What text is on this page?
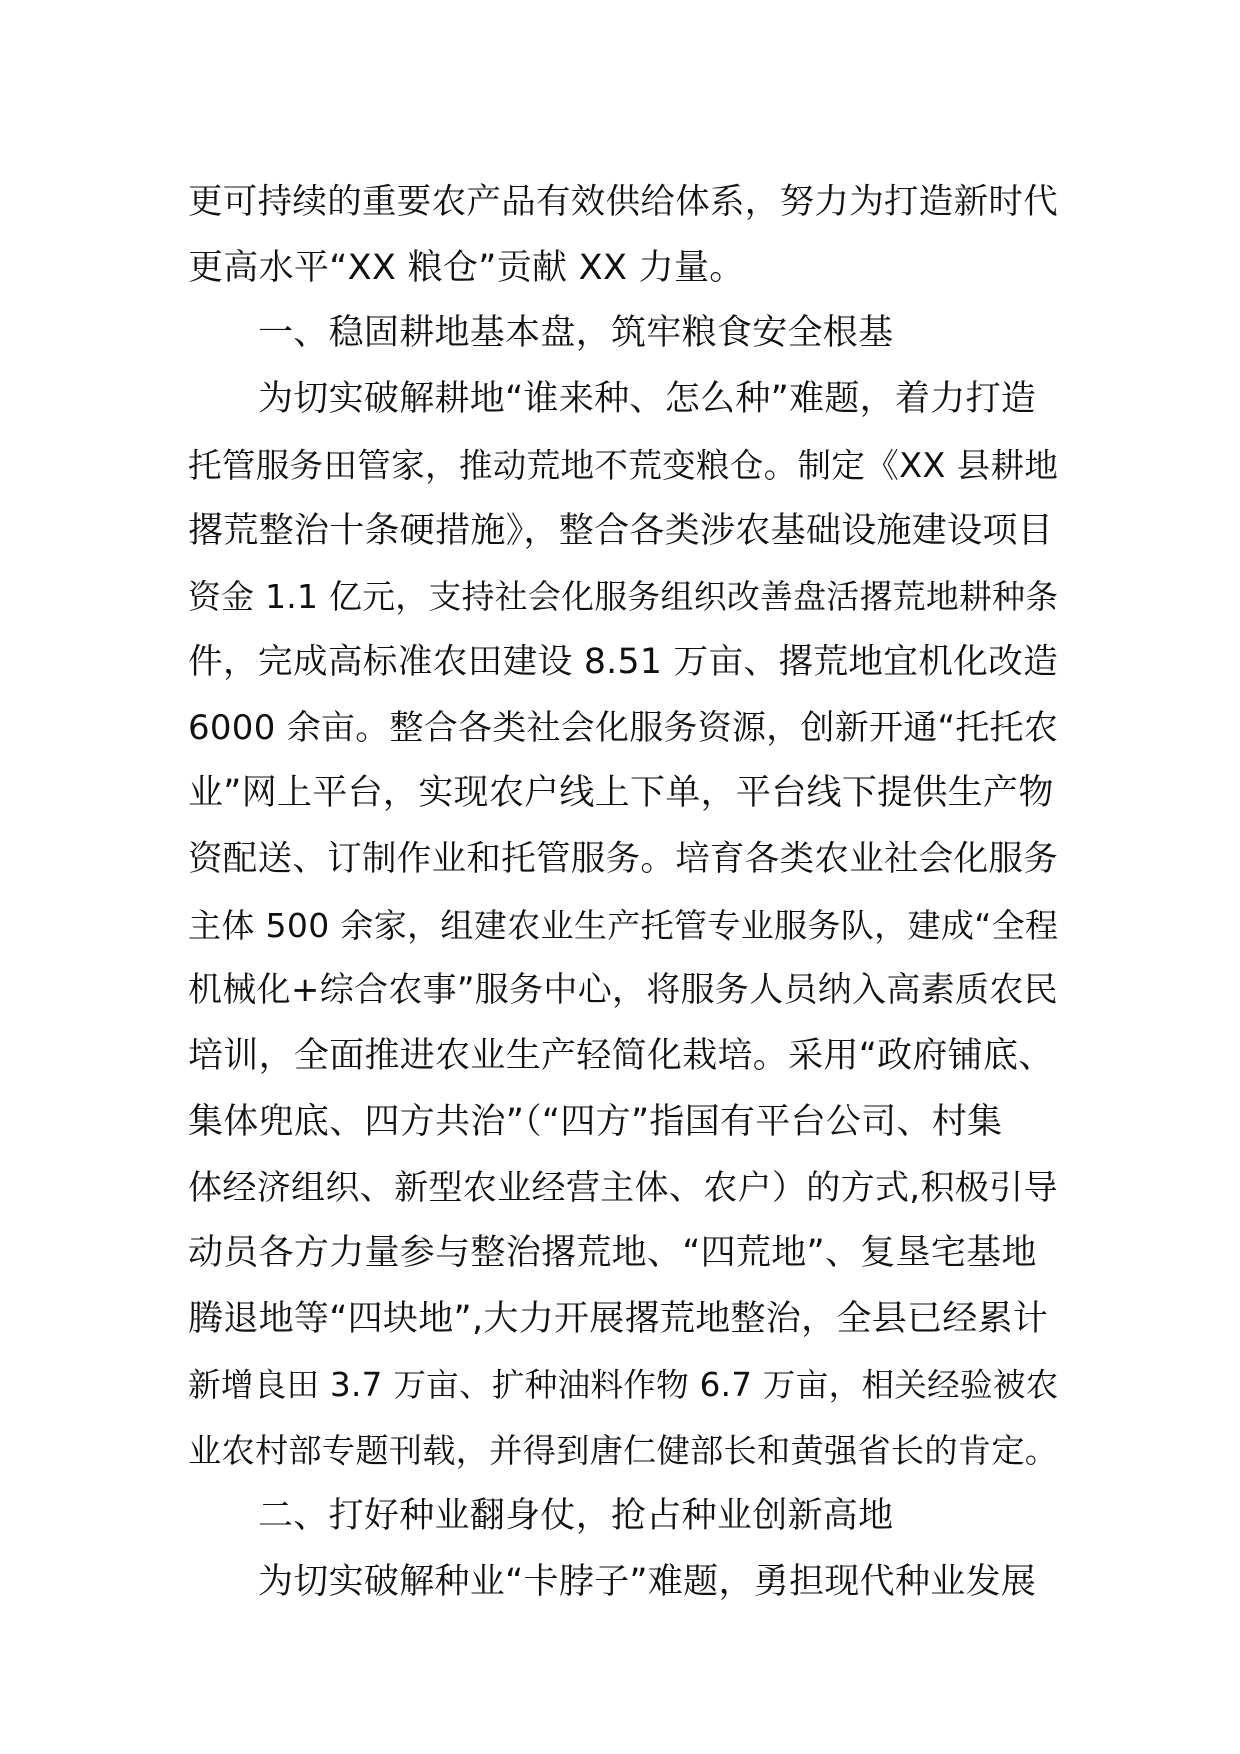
更可持续的重要农产品有效供给体系，努力为打造新时代
更高水平“XX 粮仓”贡献 XX 力量。

一、稳固耕地基本盘，筑牢粮食安全根基

为切实破解耕地“谁来种、怎么种”难题，着力打造
托管服务田管家，推动荒地不荒变粮仓。制定《XX 县耕地
撂荒整治十条硬措施》，整合各类涉农基础设施建设项目
资金 1.1 亿元，支持社会化服务组织改善盘活撂荒地耕种条
件，完成高标准农田建设 8.51 万亩、撂荒地宜机化改造
6000 余亩。整合各类社会化服务资源，创新开通“托托农
业”网上平台，实现农户线上下单，平台线下提供生产物
资配送、订制作业和托管服务。培育各类农业社会化服务
主体 500 余家，组建农业生产托管专业服务队，建成“全程
机械化+综合农事”服务中心，将服务人员纳入高素质农民
培训，全面推进农业生产轻简化栽培。采用“政府铺底、
集体兜底、四方共治”（“四方”指国有平台公司、村集
体经济组织、新型农业经营主体、农户）的方式,积极引导
动员各方力量参与整治撂荒地、“四荒地”、复垦宅基地
腾退地等“四块地”,大力开展撂荒地整治，全县已经累计
新增良田 3.7 万亩、扩种油料作物 6.7 万亩，相关经验被农
业农村部专题刊载，并得到唐仁健部长和黄强省长的肯定。

二、打好种业翻身仗，抢占种业创新高地

为切实破解种业“卡脖子”难题，勇担现代种业发展
